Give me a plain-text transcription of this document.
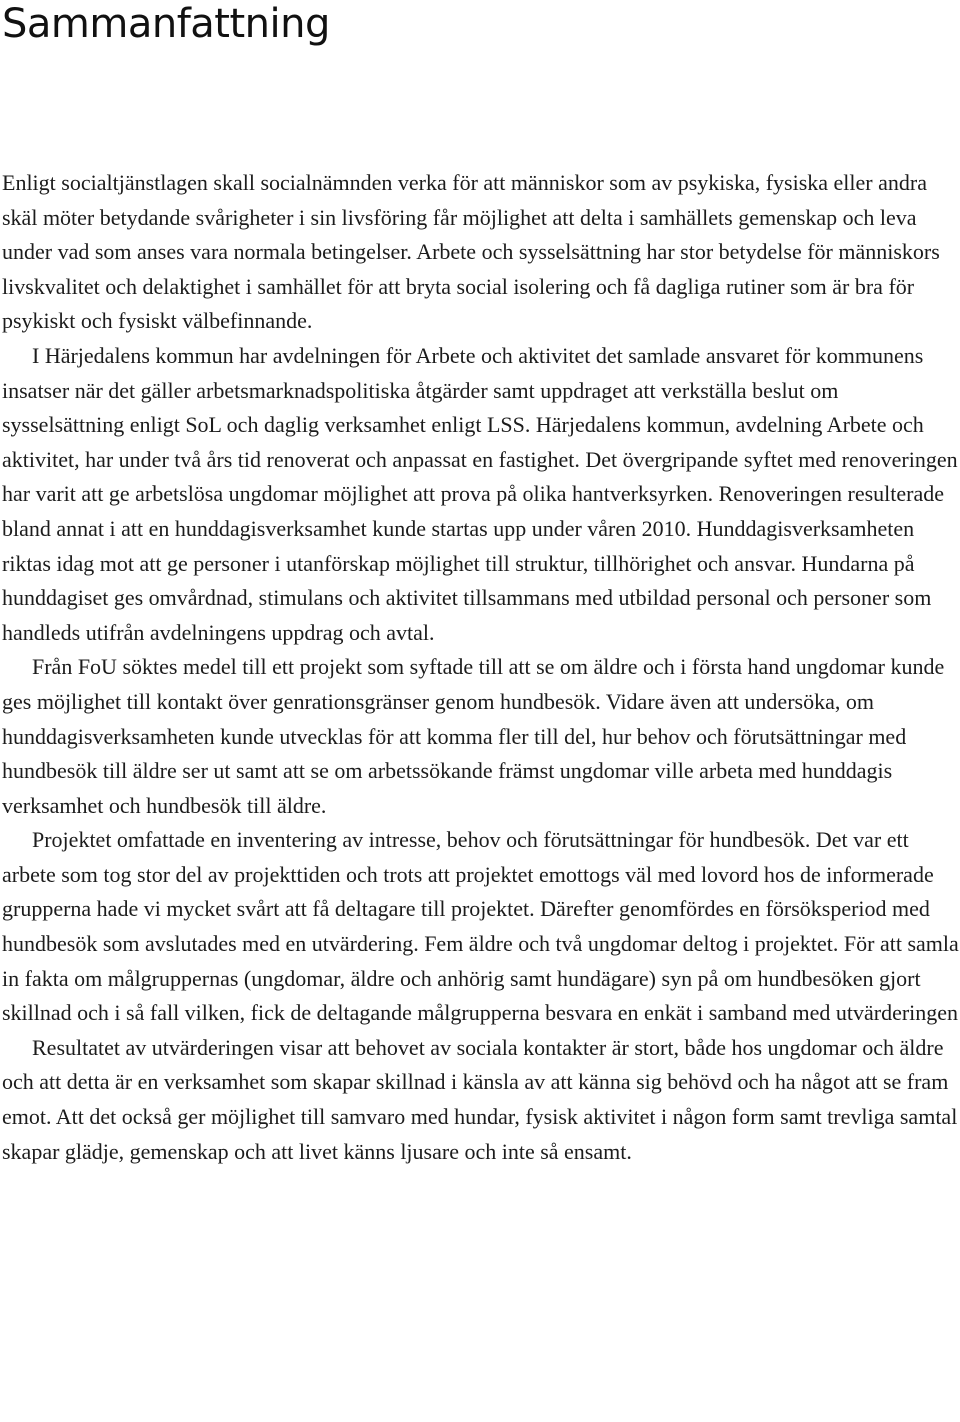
Sammanfattning

Enligt socialtjänstlagen skall socialnämnden verka för att människor som av psykiska, fysiska eller andra skäl möter betydande svårigheter i sin livsföring får möjlighet att delta i samhällets gemenskap och leva under vad som anses vara normala betingelser. Arbete och sysselsättning har stor betydelse för människors livskvalitet och delaktighet i samhället för att bryta social isolering och få dagliga rutiner som är bra för psykiskt och fysiskt välbefinnande.

I Härjedalens kommun har avdelningen för Arbete och aktivitet det samlade ansvaret för kommunens insatser när det gäller arbetsmarknadspolitiska åtgärder samt uppdraget att verkställa beslut om sysselsättning enligt SoL och daglig verksamhet enligt LSS. Härjedalens kommun, avdelning Arbete och aktivitet, har under två års tid renoverat och anpassat en fastighet. Det övergripande syftet med renoveringen har varit att ge arbetslösa ungdomar möjlighet att prova på olika hantverksyrken. Renoveringen resulterade bland annat i att en hunddagisverksamhet kunde startas upp under våren 2010. Hunddagisverksamheten riktas idag mot att ge personer i utanförskap möjlighet till struktur, tillhörighet och ansvar. Hundarna på hunddagiset ges omvårdnad, stimulans och aktivitet tillsammans med utbildad personal och personer som handleds utifrån avdelningens uppdrag och avtal.

Från FoU söktes medel till ett projekt som syftade till att se om äldre och i första hand ungdomar kunde ges möjlighet till kontakt över genrationsgränser genom hundbesök. Vidare även att undersöka, om hunddagisverksamheten kunde utvecklas för att komma fler till del, hur behov och förutsättningar med hundbesök till äldre ser ut samt att se om arbetssökande främst ungdomar ville arbeta med hunddagis verksamhet och hundbesök till äldre.

Projektet omfattade en inventering av intresse, behov och förutsättningar för hundbesök. Det var ett arbete som tog stor del av projekttiden och trots att projektet emottogs väl med lovord hos de informerade grupperna hade vi mycket svårt att få deltagare till projektet. Därefter genomfördes en försöksperiod med hundbesök som avslutades med en utvärdering. Fem äldre och två ungdomar deltog i projektet. För att samla in fakta om målgruppernas (ungdomar, äldre och anhörig samt hundägare) syn på om hundbesöken gjort skillnad och i så fall vilken, fick de deltagande målgrupperna besvara en enkät i samband med utvärderingen

Resultatet av utvärderingen visar att behovet av sociala kontakter är stort, både hos ungdomar och äldre och att detta är en verksamhet som skapar skillnad i känsla av att känna sig behövd och ha något att se fram emot. Att det också ger möjlighet till samvaro med hundar, fysisk aktivitet i någon form samt trevliga samtal skapar glädje, gemenskap och att livet känns ljusare och inte så ensamt.
